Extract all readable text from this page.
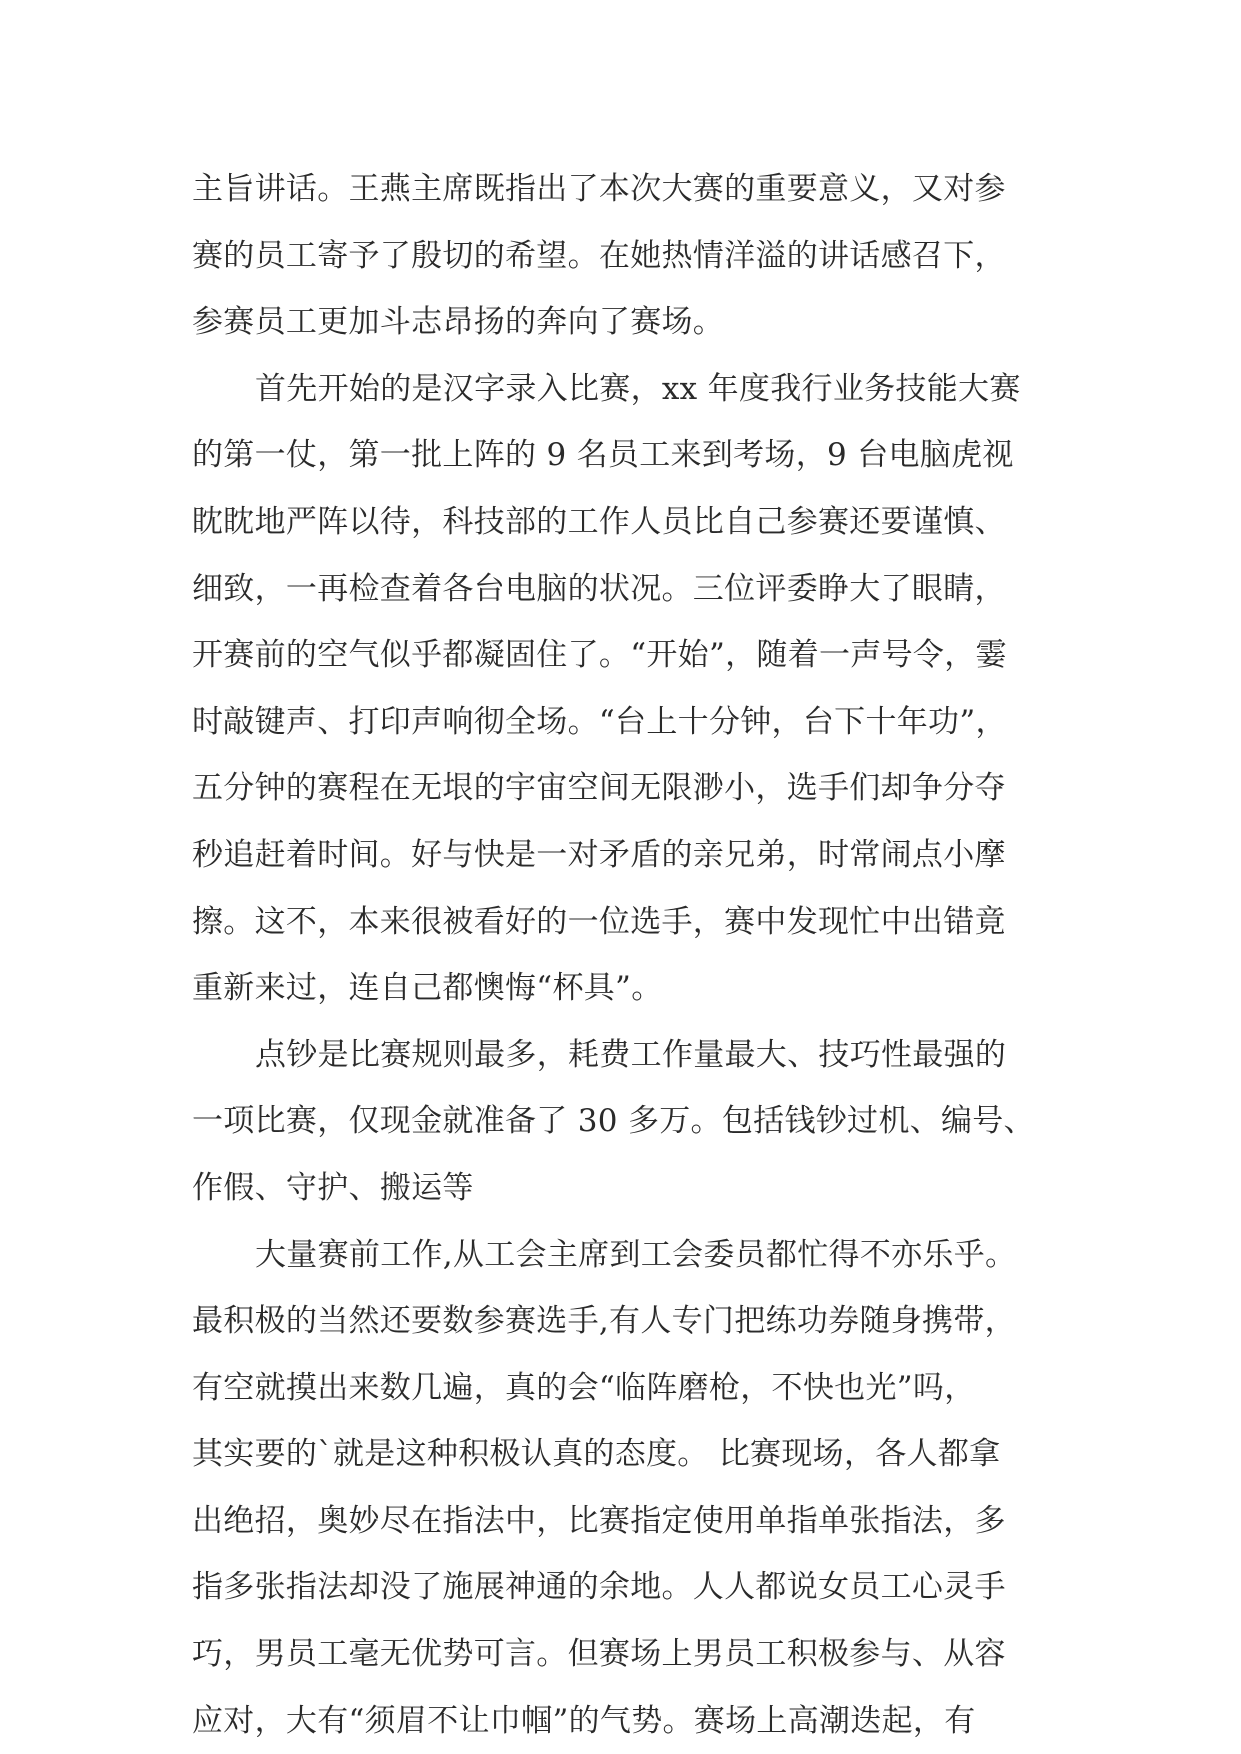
主旨讲话。王燕主席既指出了本次大赛的重要意义，又对参
赛的员工寄予了殷切的希望。在她热情洋溢的讲话感召下，
参赛员工更加斗志昂扬的奔向了赛场。
首先开始的是汉字录入比赛，xx 年度我行业务技能大赛
的第一仗，第一批上阵的 9 名员工来到考场，9 台电脑虎视
眈眈地严阵以待，科技部的工作人员比自己参赛还要谨慎、
细致，一再检查着各台电脑的状况。三位评委睁大了眼睛，
开赛前的空气似乎都凝固住了。“开始”，随着一声号令，霎
时敲键声、打印声响彻全场。“台上十分钟，台下十年功”，
五分钟的赛程在无垠的宇宙空间无限渺小，选手们却争分夺
秒追赶着时间。好与快是一对矛盾的亲兄弟，时常闹点小摩
擦。这不，本来很被看好的一位选手，赛中发现忙中出错竟
重新来过，连自己都懊悔“杯具”。
点钞是比赛规则最多，耗费工作量最大、技巧性最强的
一项比赛，仅现金就准备了 30 多万。包括钱钞过机、编号、
作假、守护、搬运等
大量赛前工作,从工会主席到工会委员都忙得不亦乐乎。
最积极的当然还要数参赛选手,有人专门把练功券随身携带，
有空就摸出来数几遍，真的会“临阵磨枪，不快也光”吗，
其实要的`就是这种积极认真的态度。 比赛现场，各人都拿
出绝招，奥妙尽在指法中，比赛指定使用单指单张指法，多
指多张指法却没了施展神通的余地。人人都说女员工心灵手
巧，男员工毫无优势可言。但赛场上男员工积极参与、从容
应对，大有“须眉不让巾帼”的气势。赛场上高潮迭起，有
